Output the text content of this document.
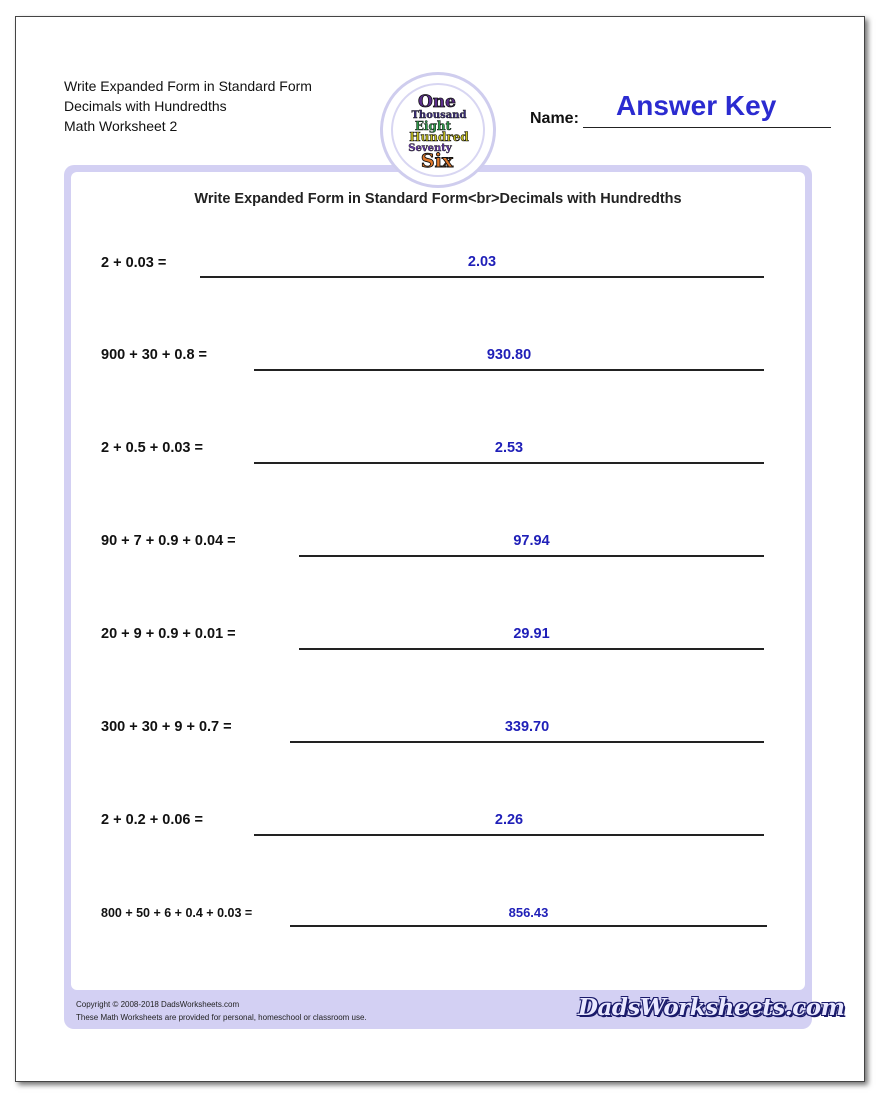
Write Expanded Form in Standard Form
Decimals with Hundredths
Math Worksheet 2
One
Thousand
Eight
Hundred
Seventy
Six
Name: Answer Key
Write Expanded Form in Standard Form<br>Decimals with Hundredths
2 + 0.03 =	2.03
900 + 30 + 0.8 =	930.80
2 + 0.5 + 0.03 =	2.53
90 + 7 + 0.9 + 0.04 =	97.94
20 + 9 + 0.9 + 0.01 =	29.91
300 + 30 + 9 + 0.7 =	339.70
2 + 0.2 + 0.06 =	2.26
800 + 50 + 6 + 0.4 + 0.03 =	856.43
Copyright © 2008-2018 DadsWorksheets.com
These Math Worksheets are provided for personal, homeschool or classroom use.	DadsWorksheets.com
